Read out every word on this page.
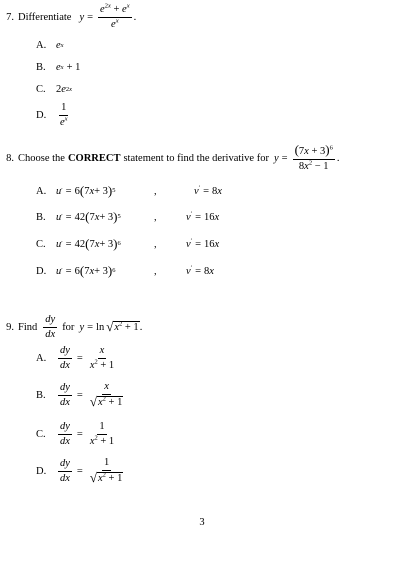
7. Differentiate $y = \frac{e^{2x} + e^x}{e^x}$ .
A. e x
B. e x + 1
C. 2 e 2x
D.	$\frac{1}{e^x}$
8. Choose the CORRECT statement to find the derivative for $y = \frac{(7x + 3)^6}{8x^2 - 1}$ .
A. u ′ = 6 ( 7 x + 3 ) 5	,	v′ = 8x
B. u ′ = 42 ( 7 x + 3 ) 5	,	v′ = 16x
C. u ′ = 42 ( 7 x + 3 ) 6	,	v′ = 16x
D. u ′ = 6 ( 7 x + 3 ) 6	,	v′ = 8x
9. Find $\frac{dy}{dx}$ for y = ln √ $x^2 + 1$ .
A.	$\frac{dy}{dx} = \frac{x}{x^2 + 1}$
B.	$\frac{dy}{dx} = \frac{x}{√ x^2 + 1}$
C.	$\frac{dy}{dx} = \frac{1}{x^2 + 1}$
D.	$\frac{dy}{dx} = \frac{1}{√ x^2 + 1}$
3
